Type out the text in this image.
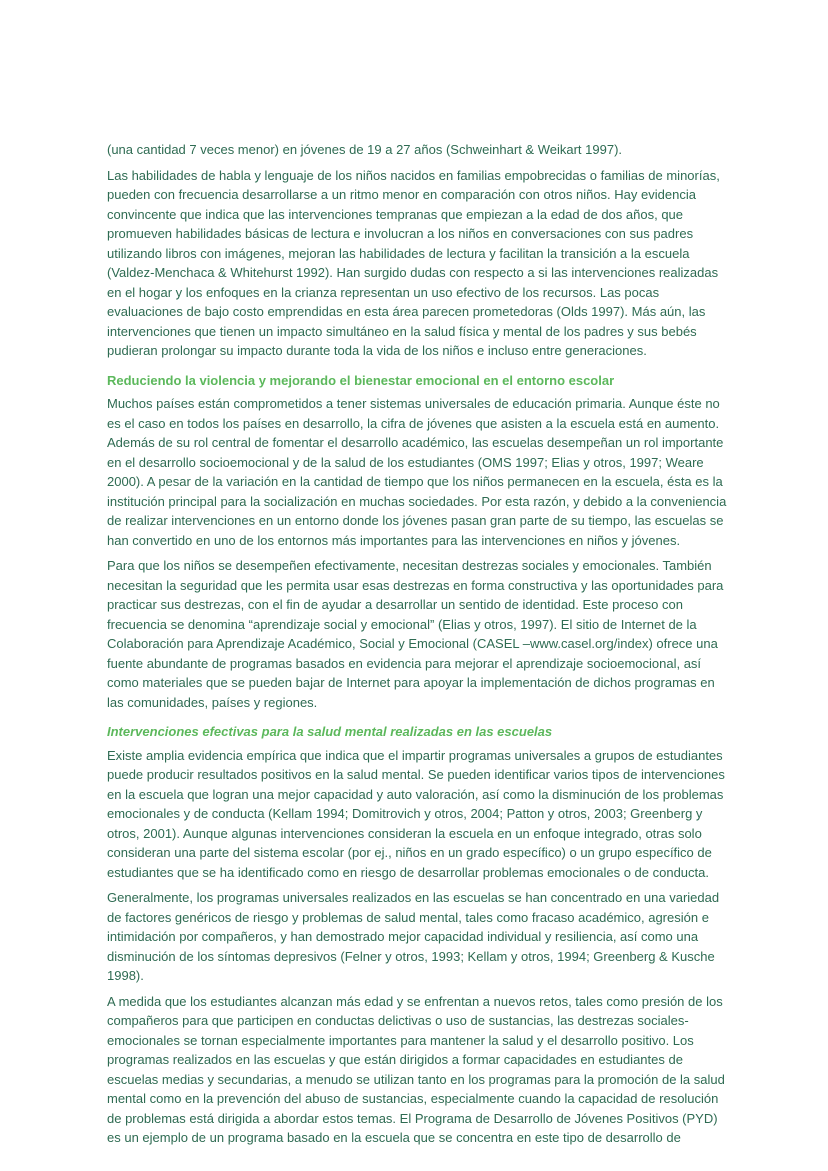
(una cantidad 7 veces menor) en jóvenes de 19 a 27 años (Schweinhart & Weikart 1997).

Las habilidades de habla y lenguaje de los niños nacidos en familias empobrecidas o familias de minorías, pueden con frecuencia desarrollarse a un ritmo menor en comparación con otros niños. Hay evidencia convincente que indica que las intervenciones tempranas que empiezan a la edad de dos años, que promueven habilidades básicas de lectura e involucran a los niños en conversaciones con sus padres utilizando libros con imágenes, mejoran las habilidades de lectura y facilitan la transición a la escuela (Valdez-Menchaca & Whitehurst 1992). Han surgido dudas con respecto a si las intervenciones realizadas en el hogar y los enfoques en la crianza representan un uso efectivo de los recursos. Las pocas evaluaciones de bajo costo emprendidas en esta área parecen prometedoras (Olds 1997). Más aún, las intervenciones que tienen un impacto simultáneo en la salud física y mental de los padres y sus bebés pudieran prolongar su impacto durante toda la vida de los niños e incluso entre generaciones.

Reduciendo la violencia y mejorando el bienestar emocional en el entorno escolar

Muchos países están comprometidos a tener sistemas universales de educación primaria. Aunque éste no es el caso en todos los países en desarrollo, la cifra de jóvenes que asisten a la escuela está en aumento. Además de su rol central de fomentar el desarrollo académico, las escuelas desempeñan un rol importante en el desarrollo socioemocional y de la salud de los estudiantes (OMS 1997; Elias y otros, 1997; Weare 2000). A pesar de la variación en la cantidad de tiempo que los niños permanecen en la escuela, ésta es la institución principal para la socialización en muchas sociedades. Por esta razón, y debido a la conveniencia de realizar intervenciones en un entorno donde los jóvenes pasan gran parte de su tiempo, las escuelas se han convertido en uno de los entornos más importantes para las intervenciones en niños y jóvenes.

Para que los niños se desempeñen efectivamente, necesitan destrezas sociales y emocionales. También necesitan la seguridad que les permita usar esas destrezas en forma constructiva y las oportunidades para practicar sus destrezas, con el fin de ayudar a desarrollar un sentido de identidad. Este proceso con frecuencia se denomina “aprendizaje social y emocional” (Elias y otros, 1997). El sitio de Internet de la Colaboración para Aprendizaje Académico, Social y Emocional (CASEL –www.casel.org/index) ofrece una fuente abundante de programas basados en evidencia para mejorar el aprendizaje socioemocional, así como materiales que se pueden bajar de Internet para apoyar la implementación de dichos programas en las comunidades, países y regiones.

Intervenciones efectivas para la salud mental realizadas en las escuelas

Existe amplia evidencia empírica que indica que el impartir programas universales a grupos de estudiantes puede producir resultados positivos en la salud mental. Se pueden identificar varios tipos de intervenciones en la escuela que logran una mejor capacidad y auto valoración, así como la disminución de los problemas emocionales y de conducta (Kellam 1994; Domitrovich y otros, 2004; Patton y otros, 2003; Greenberg y otros, 2001). Aunque algunas intervenciones consideran la escuela en un enfoque integrado, otras solo consideran una parte del sistema escolar (por ej., niños en un grado específico) o un grupo específico de estudiantes que se ha identificado como en riesgo de desarrollar problemas emocionales o de conducta.

Generalmente, los programas universales realizados en las escuelas se han concentrado en una variedad de factores genéricos de riesgo y problemas de salud mental, tales como fracaso académico, agresión e intimidación por compañeros, y han demostrado mejor capacidad individual y resiliencia, así como una disminución de los síntomas depresivos (Felner y otros, 1993; Kellam y otros, 1994; Greenberg & Kusche 1998).

A medida que los estudiantes alcanzan más edad y se enfrentan a nuevos retos, tales como presión de los compañeros para que participen en conductas delictivas o uso de sustancias, las destrezas sociales-emocionales se tornan especialmente importantes para mantener la salud y el desarrollo positivo. Los programas realizados en las escuelas y que están dirigidos a formar capacidades en estudiantes de escuelas medias y secundarias, a menudo se utilizan tanto en los programas para la promoción de la salud mental como en la prevención del abuso de sustancias, especialmente cuando la capacidad de resolución de problemas está dirigida a abordar estos temas. El Programa de Desarrollo de Jóvenes Positivos (PYD) es un ejemplo de un programa basado en la escuela que se concentra en este tipo de desarrollo de
